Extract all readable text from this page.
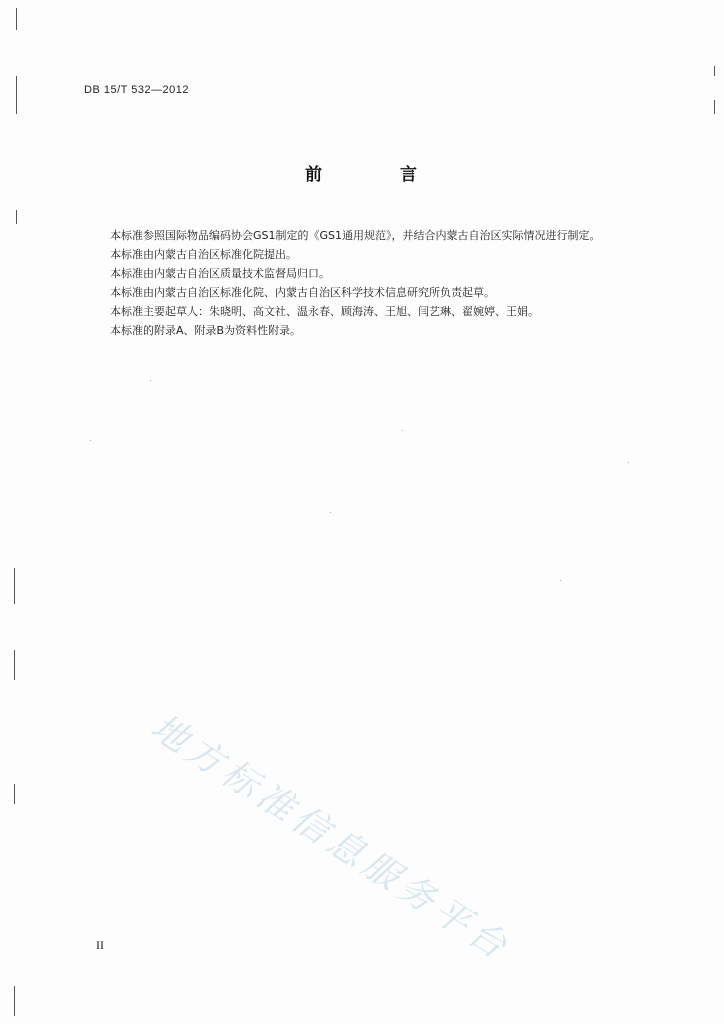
DB 15/T 532—2012
前 言

本标准参照国际物品编码协会GS1制定的《GS1通用规范》，并结合内蒙古自治区实际情况进行制定。

本标准由内蒙古自治区标准化院提出。

本标准由内蒙古自治区质量技术监督局归口。

本标准由内蒙古自治区标准化院、内蒙古自治区科学技术信息研究所负责起草。

本标准主要起草人：朱晓明、高文社、温永春、顾海涛、王旭、闫艺琳、翟婉婷、王娟。

本标准的附录A、附录B为资料性附录。

地方标准信息服务平台
II
